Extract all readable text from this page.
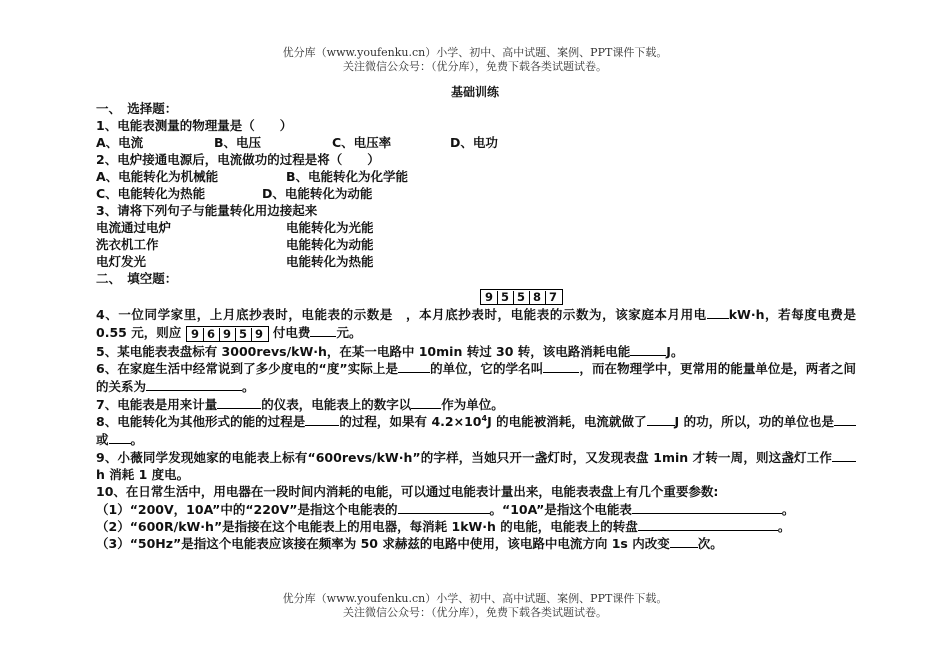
优分库（www.youfenku.cn）小学、初中、高中试题、案例、PPT课件下载。
关注微信公众号：（优分库），免费下载各类试题试卷。
基础训练
一、　选择题：
1、电能表测量的物理量是（　　）
A、电流	B、电压	C、电压率	D、电功
2、电炉接通电源后，电流做功的过程是将（　　）
A、电能转化为机械能	B、电能转化为化学能
C、电能转化为热能	D、电能转化为动能
3、请将下列句子与能量转化用边接起来
电流通过电炉	电能转化为光能
洗衣机工作	电能转化为动能
电灯发光	电能转化为热能
二、　填空题：
9 5 5 8 7
4、一位同学家里，上月底抄表时，电能表的示数是　，本月底抄表时，电能表的示数为，该家庭本月用电 kW·h，若每度电费是 0.55 元，则应 9 6 9 5 9 付电费 元。
5、某电能表表盘标有 3000revs/kW·h，在某一电路中 10min 转过 30 转，该电路消耗电能	J。
6、在家庭生活中经常说到了多少度电的“度”实际上是	的单位，它的学名叫	，而在物理学中，更常用的能量单位是，两者之间的关系为	。
7、电能表是用来计量	的仪表，电能表上的数字以 作为单位。
8、电能转化为其他形式的能的过程是	的过程，如果有 $4.2\times 10^4J$ 的电能被消耗，电流就做了 J 的功，所以，功的单位也是或 。
9、小薇同学发现她家的电能表上标有“600revs/kW·h”的字样，当她只开一盏灯时，又发现表盘 1min 才转一周，则这盏灯工作h 消耗 1 度电。
10、在日常生活中，用电器在一段时间内消耗的电能，可以通过电能表计量出来，电能表表盘上有几个重要参数:
（1）“200V，10A”中的“220V”是指这个电能表的	。“10A”是指这个电能表	。
（2）“600R/kW·h”是指接在这个电能表上的用电器，每消耗 1kW·h 的电能，电能表上的转盘	。
（3）“50Hz”是指这个电能表应该接在频率为 50 求赫兹的电路中使用，该电路中电流方向 1s 内改变 次。
优分库（www.youfenku.cn）小学、初中、高中试题、案例、PPT课件下载。
关注微信公众号：（优分库），免费下载各类试题试卷。
